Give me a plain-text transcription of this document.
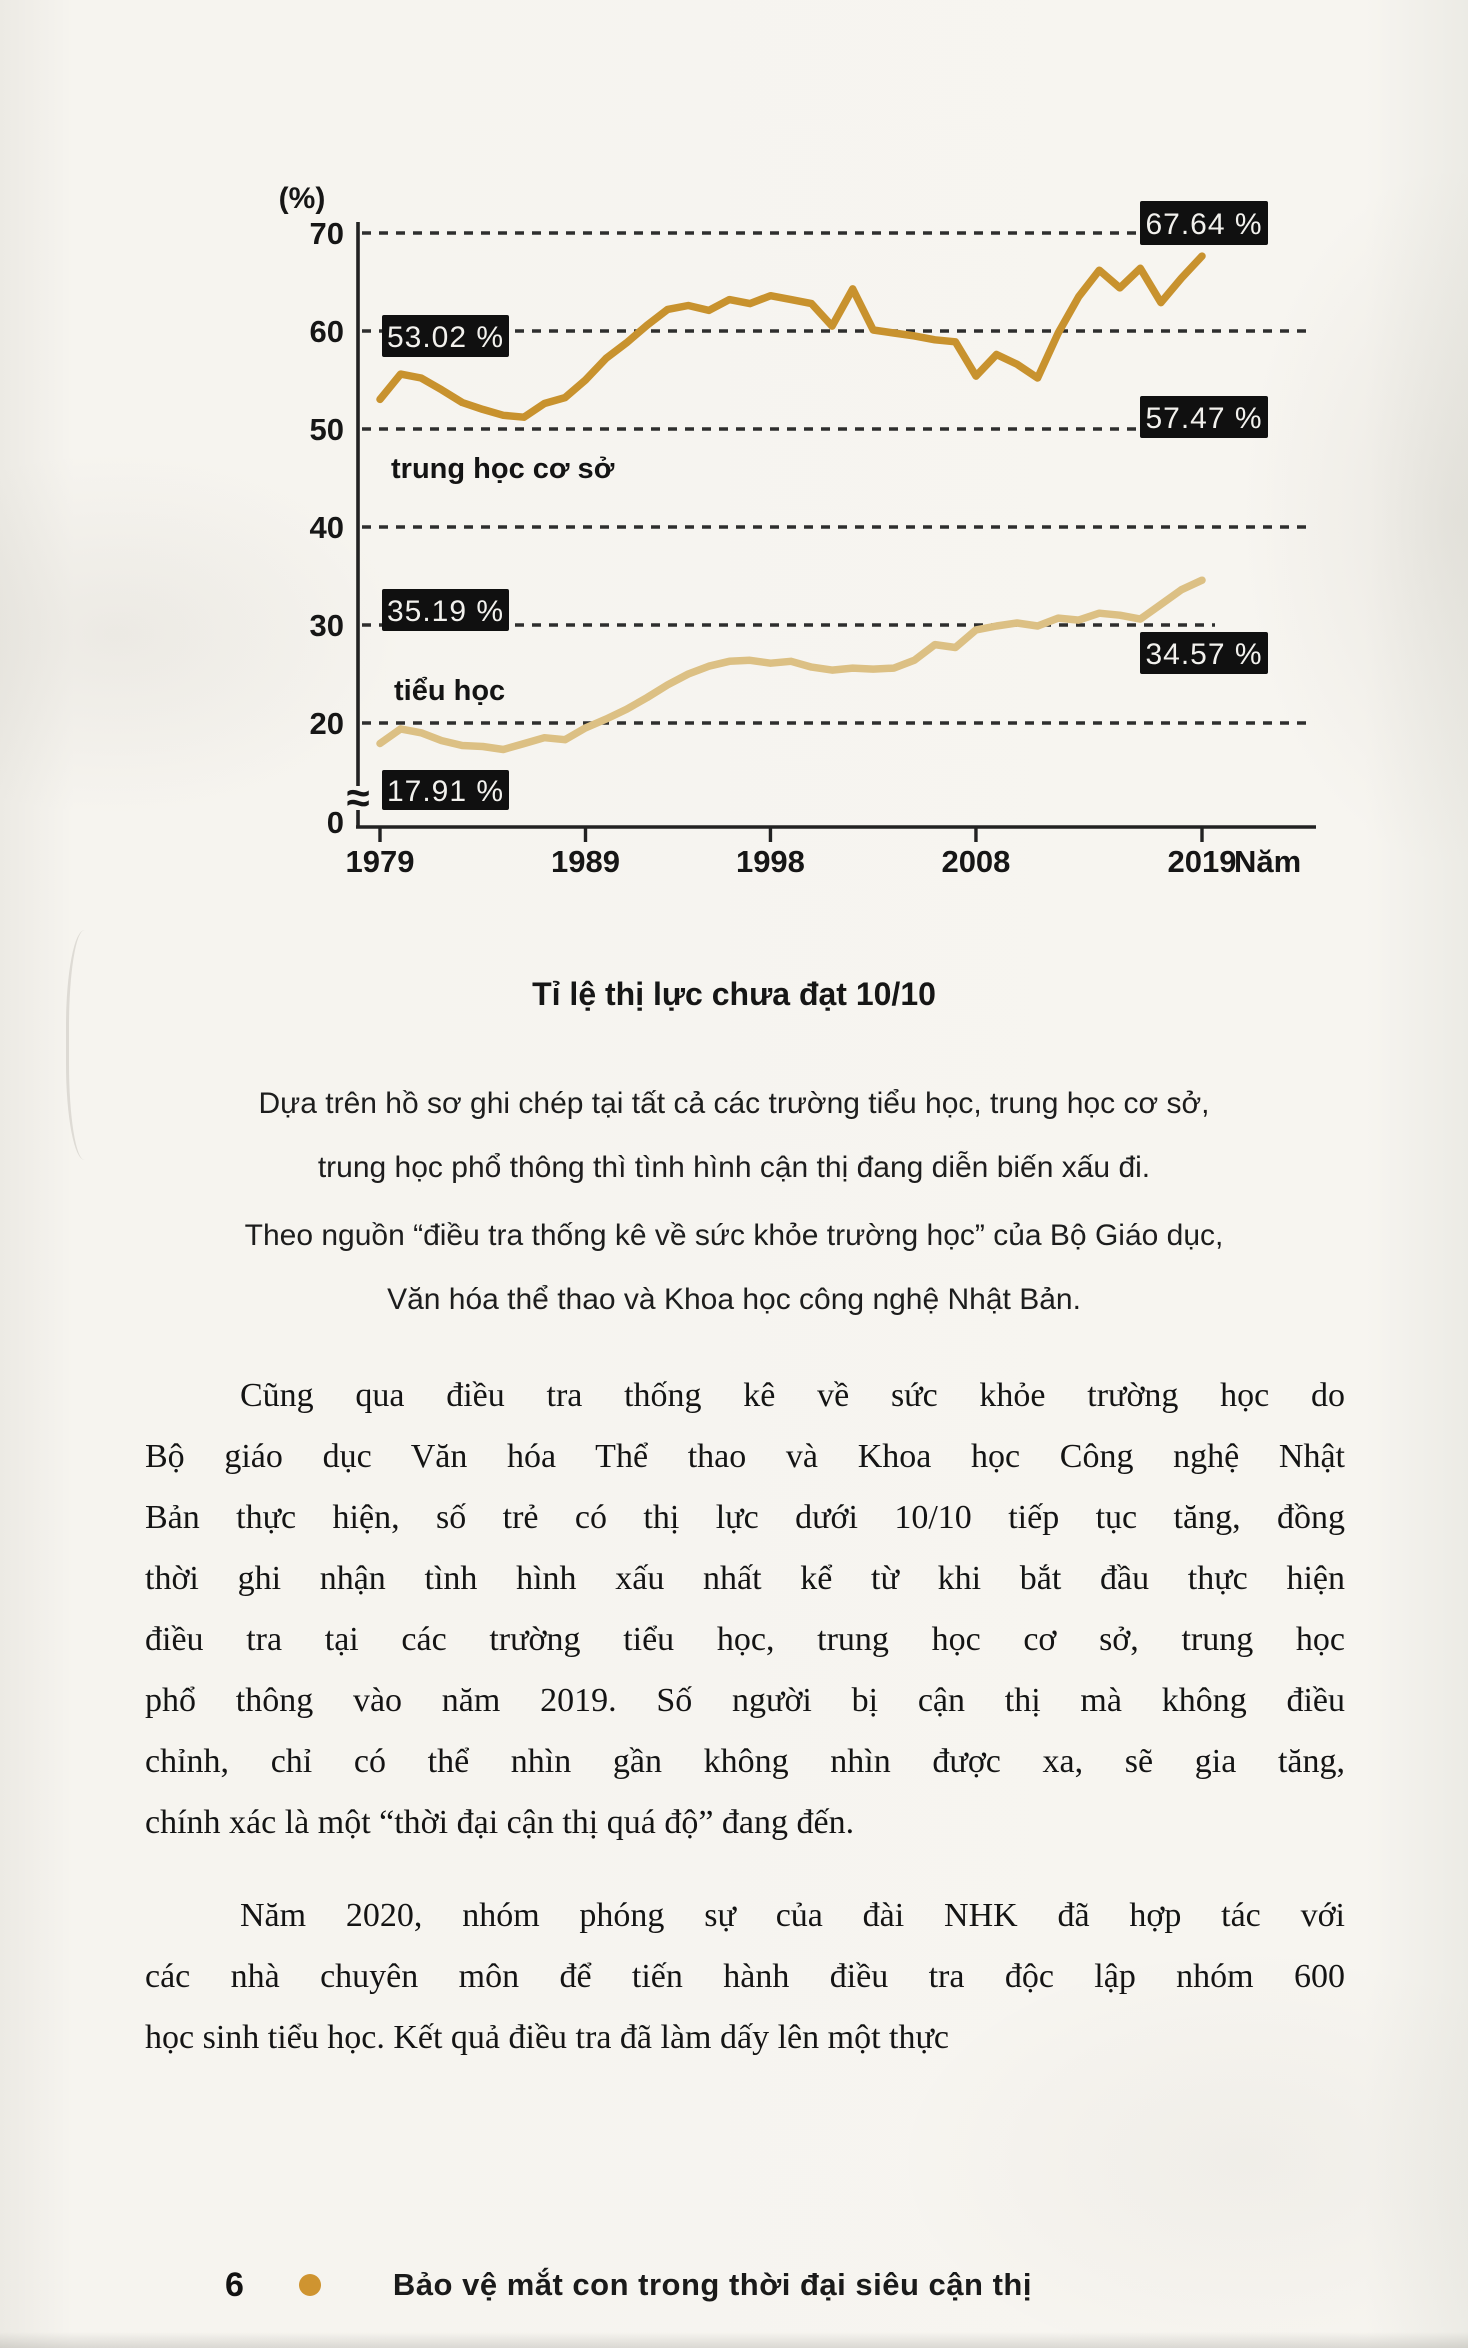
70
60
50
40
30
20
(%)
0
≈
1979	1989	1998	2008	2019
Năm
trung học cơ sở
tiểu học
53.02 %
67.64 %
57.47 %
35.19 %
34.57 %
17.91 %
Tỉ lệ thị lực chưa đạt 10/10
Dựa trên hồ sơ ghi chép tại tất cả các trường tiểu học, trung học cơ sở,
trung học phổ thông thì tình hình cận thị đang diễn biến xấu đi.
Theo nguồn “điều tra thống kê về sức khỏe trường học” của Bộ Giáo dục,
Văn hóa thể thao và Khoa học công nghệ Nhật Bản.
Cũng qua điều tra thống kê về sức khỏe trường học do
Bộ giáo dục Văn hóa Thể thao và Khoa học Công nghệ Nhật
Bản thực hiện, số trẻ có thị lực dưới 10/10 tiếp tục tăng, đồng
thời ghi nhận tình hình xấu nhất kể từ khi bắt đầu thực hiện
điều tra tại các trường tiểu học, trung học cơ sở, trung học
phổ thông vào năm 2019. Số người bị cận thị mà không điều
chỉnh, chỉ có thể nhìn gần không nhìn được xa, sẽ gia tăng,
chính xác là một “thời đại cận thị quá độ” đang đến.
Năm 2020, nhóm phóng sự của đài NHK đã hợp tác với
các nhà chuyên môn để tiến hành điều tra độc lập nhóm 600
học sinh tiểu học. Kết quả điều tra đã làm dấy lên một thực
6	Bảo vệ mắt con trong thời đại siêu cận thị
